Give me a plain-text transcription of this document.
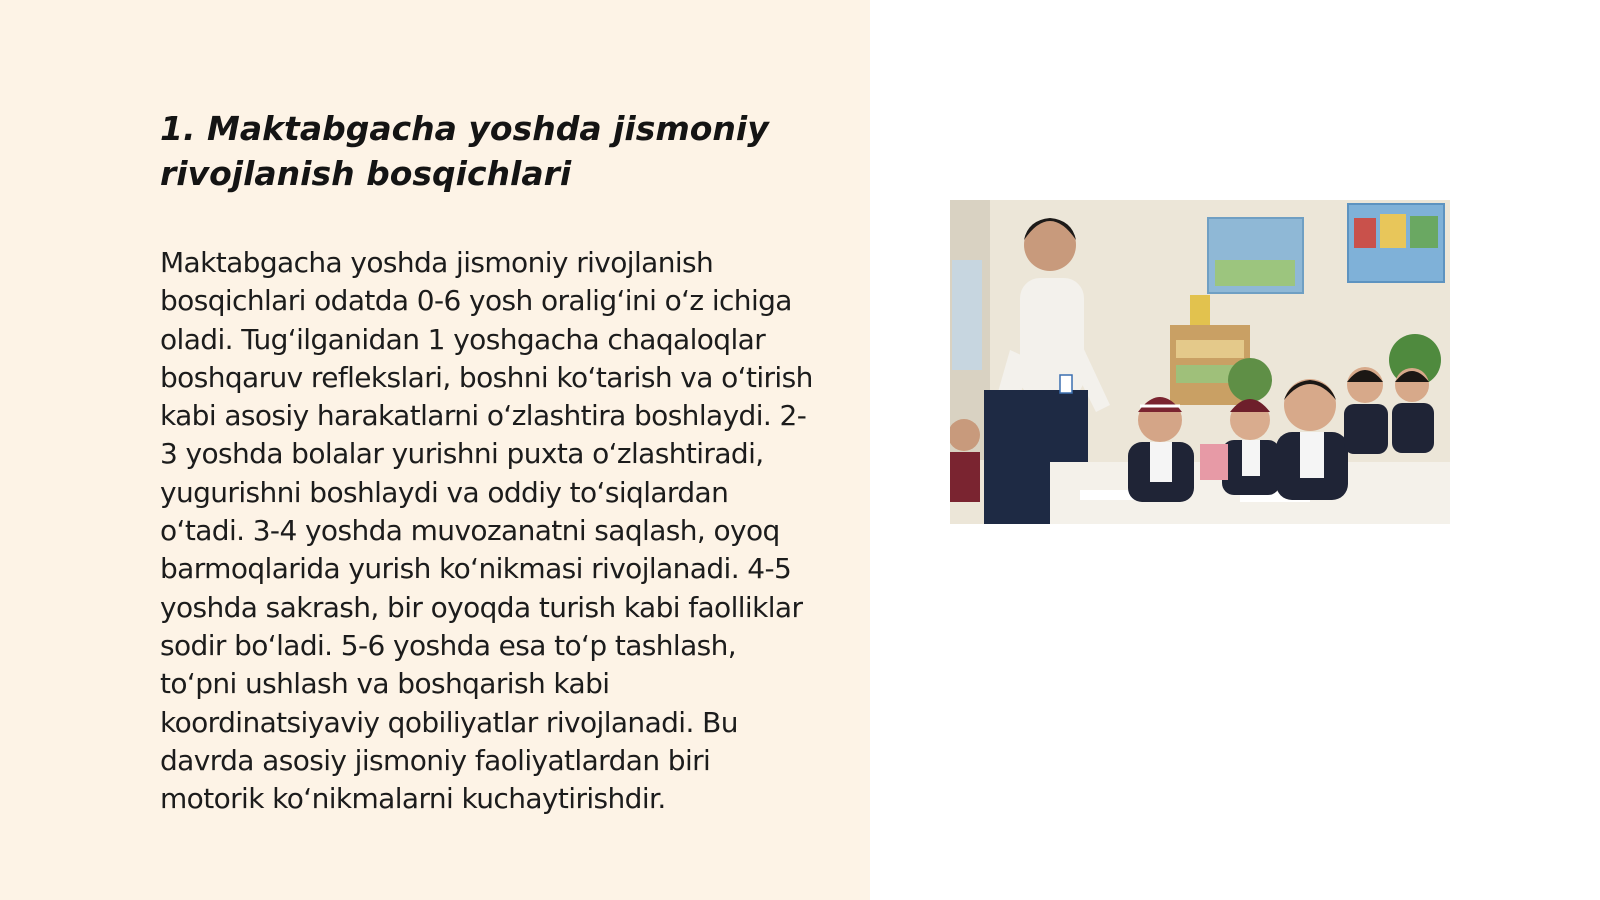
1. Maktabgacha yoshda jismoniy rivojlanish bosqichlari

Maktabgacha yoshda jismoniy rivojlanish bosqichlari odatda 0-6 yosh oralig‘ini o‘z ichiga oladi. Tug‘ilganidan 1 yoshgacha chaqaloqlar boshqaruv reflekslari, boshni ko‘tarish va o‘tirish kabi asosiy harakatlarni o‘zlashtira boshlaydi. 2-3 yoshda bolalar yurishni puxta o‘zlashtiradi, yugurishni boshlaydi va oddiy to‘siqlardan o‘tadi. 3-4 yoshda muvozanatni saqlash, oyoq barmoqlarida yurish ko‘nikmasi rivojlanadi. 4-5 yoshda sakrash, bir oyoqda turish kabi faolliklar sodir bo‘ladi. 5-6 yoshda esa to‘p tashlash, to‘pni ushlash va boshqarish kabi koordinatsiyaviy qobiliyatlar rivojlanadi. Bu davrda asosiy jismoniy faoliyatlardan biri motorik ko‘nikmalarni kuchaytirishdir.
